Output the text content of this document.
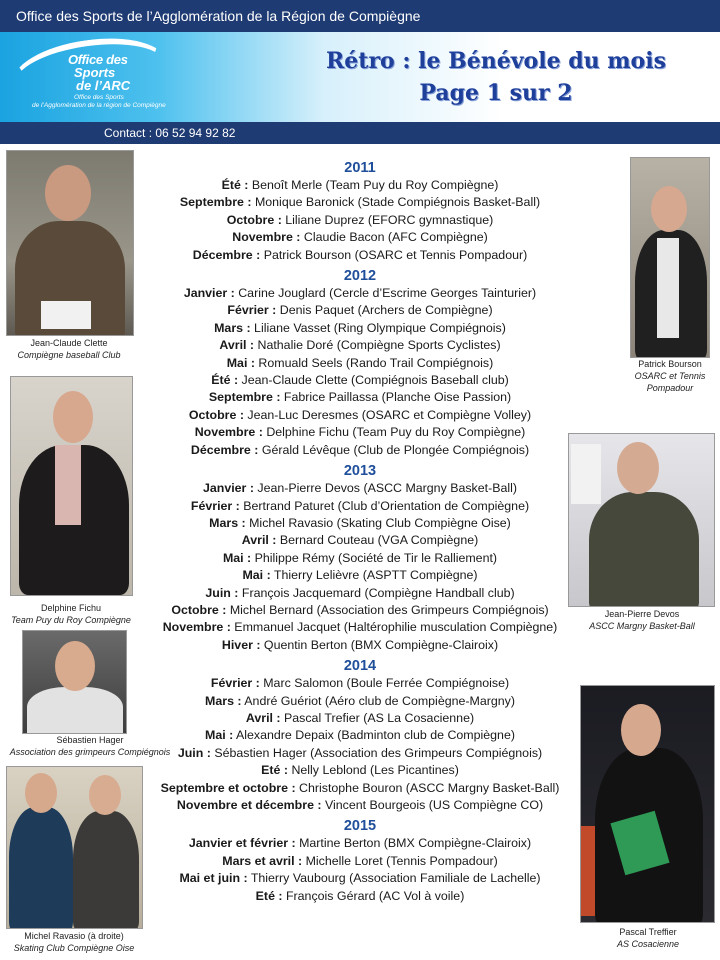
Office des Sports de l’Agglomération de la Région de Compiègne
Office des
Sports
de l’ARC
Office des Sports
de l’Agglomération de la région de Compiègne
Rétro : le Bénévole du mois
Page 1 sur 2
Contact : 06 52 94 92 82
2011
Été : Benoît Merle (Team Puy du Roy Compiègne)
Septembre : Monique Baronick (Stade Compiégnois Basket-Ball)
Octobre : Liliane Duprez (EFORC gymnastique)
Novembre : Claudie Bacon (AFC Compiègne)
Décembre : Patrick Bourson (OSARC et Tennis Pompadour)
2012
Janvier : Carine Jouglard (Cercle d’Escrime Georges Tainturier)
Février : Denis Paquet (Archers de Compiègne)
Mars : Liliane Vasset (Ring Olympique Compiégnois)
Avril : Nathalie Doré (Compiègne Sports Cyclistes)
Mai : Romuald Seels (Rando Trail Compiégnois)
Été : Jean-Claude Clette (Compiégnois Baseball club)
Septembre : Fabrice Paillassa (Planche Oise Passion)
Octobre : Jean-Luc Deresmes (OSARC et Compiègne Volley)
Novembre : Delphine Fichu (Team Puy du Roy Compiègne)
Décembre : Gérald Lévêque (Club de Plongée Compiégnois)
2013
Janvier : Jean-Pierre Devos (ASCC Margny Basket-Ball)
Février : Bertrand Paturet (Club d’Orientation de Compiègne)
Mars : Michel Ravasio (Skating Club Compiègne Oise)
Avril : Bernard Couteau (VGA Compiègne)
Mai : Philippe Rémy (Société de Tir le Ralliement)
Mai : Thierry Lelièvre (ASPTT Compiègne)
Juin : François Jacquemard (Compiègne Handball club)
Octobre : Michel Bernard (Association des Grimpeurs Compiégnois)
Novembre : Emmanuel Jacquet (Haltérophilie musculation Compiègne)
Hiver : Quentin Berton (BMX Compiègne-Clairoix)
2014
Février : Marc Salomon (Boule Ferrée Compiégnoise)
Mars : André Guériot (Aéro club de Compiègne-Margny)
Avril : Pascal Trefier (AS La Cosacienne)
Mai : Alexandre Depaix (Badminton club de Compiègne)
Juin : Sébastien Hager (Association des Grimpeurs Compiégnois)
Eté : Nelly Leblond (Les Picantines)
Septembre et octobre : Christophe Bouron (ASCC Margny Basket-Ball)
Novembre et décembre : Vincent Bourgeois (US Compiègne CO)
2015
Janvier et février : Martine Berton (BMX Compiègne-Clairoix)
Mars et avril : Michelle Loret (Tennis Pompadour)
Mai et juin : Thierry Vaubourg (Association Familiale de Lachelle)
Eté : François Gérard (AC Vol à voile)
Jean-Claude Clette
Compiègne baseball Club
Patrick Bourson
OSARC et Tennis
Pompadour
Delphine Fichu
Team Puy du Roy Compiègne
Jean-Pierre Devos
ASCC Margny Basket-Ball
Sébastien Hager
Association des grimpeurs Compiégnois
Michel Ravasio (à droite)
Skating Club Compiègne Oise
Pascal Treffier
AS Cosacienne
